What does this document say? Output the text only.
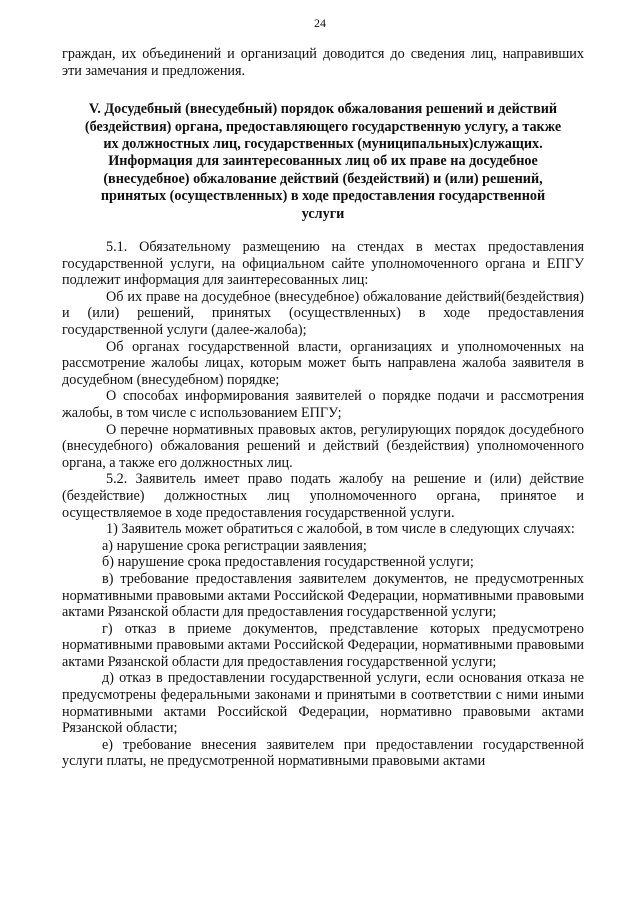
24

граждан, их объединений и организаций доводится до сведения лиц, направивших эти замечания и предложения.

V. Досудебный (внесудебный) порядок обжалования решений и действий
(бездействия) органа, предоставляющего государственную услугу, а также
их должностных лиц, государственных (муниципальных)служащих.
Информация для заинтересованных лиц об их праве на досудебное
(внесудебное) обжалование действий (бездействий) и (или) решений,
принятых (осуществленных) в ходе предоставления государственной
услуги

5.1. Обязательному размещению на стендах в местах предоставления государственной услуги, на официальном сайте уполномоченного органа и ЕПГУ подлежит информация для заинтересованных лиц:

Об их праве на досудебное (внесудебное) обжалование действий(бездействия) и (или) решений, принятых (осуществленных) в ходе предоставления государственной услуги (далее-жалоба);

Об органах государственной власти, организациях и уполномоченных на рассмотрение жалобы лицах, которым может быть направлена жалоба заявителя в досудебном (внесудебном) порядке;

О способах информирования заявителей о порядке подачи и рассмотрения жалобы, в том числе с использованием ЕПГУ;

О перечне нормативных правовых актов, регулирующих порядок досудебного (внесудебного) обжалования решений и действий (бездействия) уполномоченного органа, а также его должностных лиц.

5.2. Заявитель имеет право подать жалобу на решение и (или) действие (бездействие) должностных лиц уполномоченного органа, принятое и осуществляемое в ходе предоставления государственной услуги.

1) Заявитель может обратиться с жалобой, в том числе в следующих случаях:

а) нарушение срока регистрации заявления;

б) нарушение срока предоставления государственной услуги;

в) требование предоставления заявителем документов, не предусмотренных нормативными правовыми актами Российской Федерации, нормативными правовыми актами Рязанской области для предоставления государственной услуги;

г) отказ в приеме документов, представление которых предусмотрено нормативными правовыми актами Российской Федерации, нормативными правовыми актами Рязанской области для предоставления государственной услуги;

д) отказ в предоставлении государственной услуги, если основания отказа не предусмотрены федеральными законами и принятыми в соответствии с ними иными нормативными актами Российской Федерации, нормативно правовыми актами Рязанской области;

е) требование внесения заявителем при предоставлении государственной услуги платы, не предусмотренной нормативными правовыми актами
